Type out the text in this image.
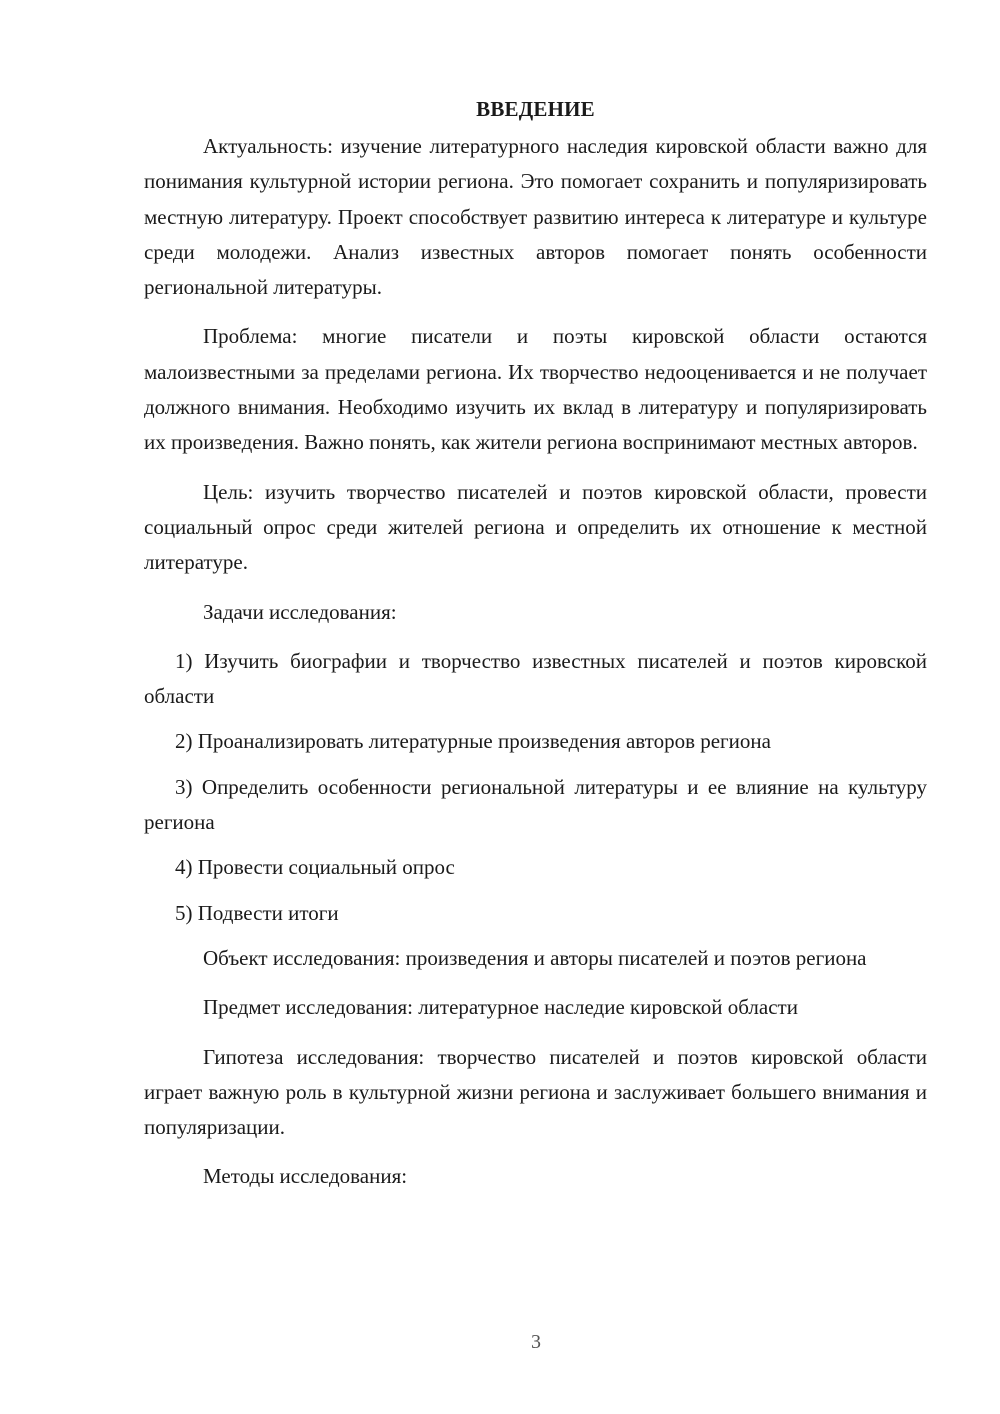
ВВЕДЕНИЕ

Актуальность: изучение литературного наследия кировской области важно для понимания культурной истории региона. Это помогает сохранить и популяризировать местную литературу. Проект способствует развитию интереса к литературе и культуре среди молодежи. Анализ известных авторов помогает понять особенности региональной литературы.

Проблема: многие писатели и поэты кировской области остаются малоизвестными за пределами региона. Их творчество недооценивается и не получает должного внимания. Необходимо изучить их вклад в литературу и популяризировать их произведения. Важно понять, как жители региона воспринимают местных авторов.

Цель: изучить творчество писателей и поэтов кировской области, провести социальный опрос среди жителей региона и определить их отношение к местной литературе.

Задачи исследования:

1) Изучить биографии и творчество известных писателей и поэтов кировской области

2) Проанализировать литературные произведения авторов региона

3) Определить особенности региональной литературы и ее влияние на культуру региона

4) Провести социальный опрос

5) Подвести итоги

Объект исследования: произведения и авторы писателей и поэтов региона

Предмет исследования: литературное наследие кировской области

Гипотеза исследования: творчество писателей и поэтов кировской области играет важную роль в культурной жизни региона и заслуживает большего внимания и популяризации.

Методы исследования:

3
